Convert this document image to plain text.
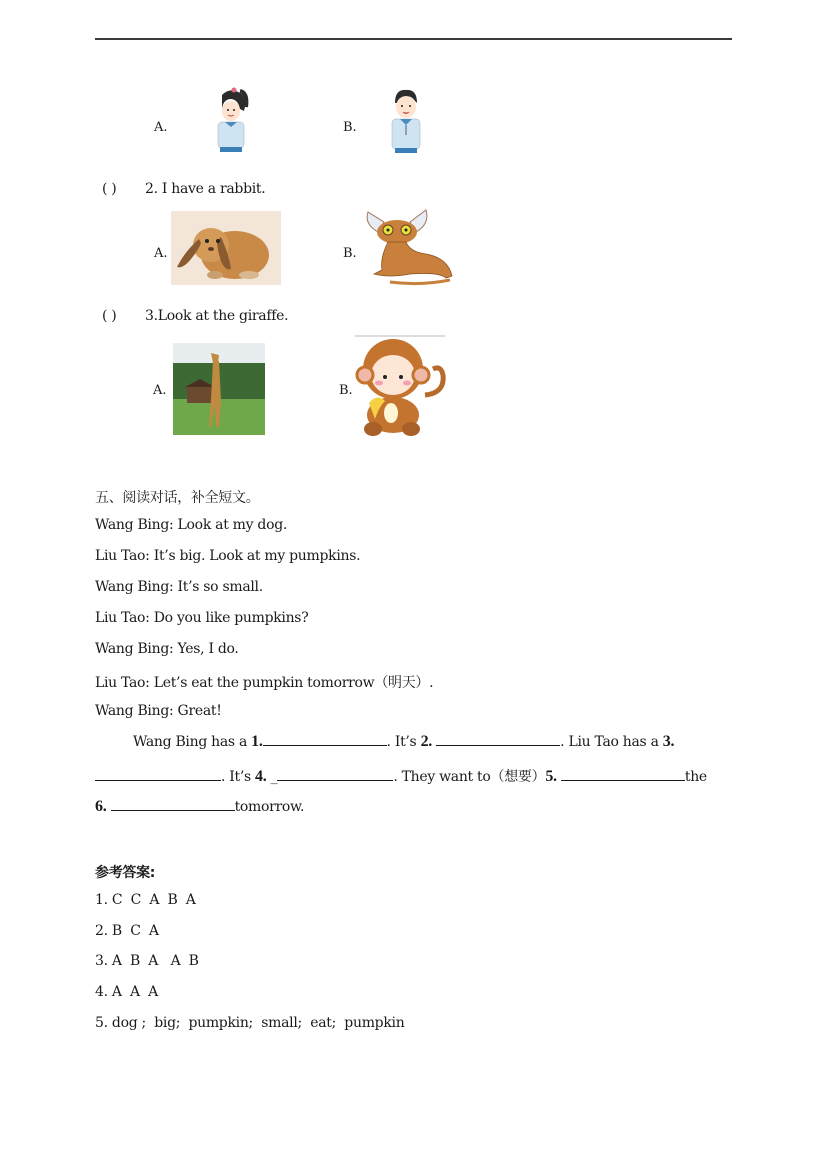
A.	B.
( ) 2. I have a rabbit.
A.	B.
( ) 3.Look at the giraffe.
A.	B.
五、阅读对话，补全短文。
Wang Bing: Look at my dog.
Liu Tao: It’s big. Look at my pumpkins.
Wang Bing: It’s so small.
Liu Tao: Do you like pumpkins?
Wang Bing: Yes, I do.
Liu Tao: Let’s eat the pumpkin tomorrow（明天）.
Wang Bing: Great!
Wang Bing has a 1.	. It’s 2.	. Liu Tao has a 3.
. It’s 4. _	. They want to（想要）5.	the
6.	tomorrow.
参考答案:
1. C  C  A  B  A
2. B  C  A
3. A  B  A   A  B
4. A  A  A
5. dog ;  big;  pumpkin;  small;  eat;  pumpkin
